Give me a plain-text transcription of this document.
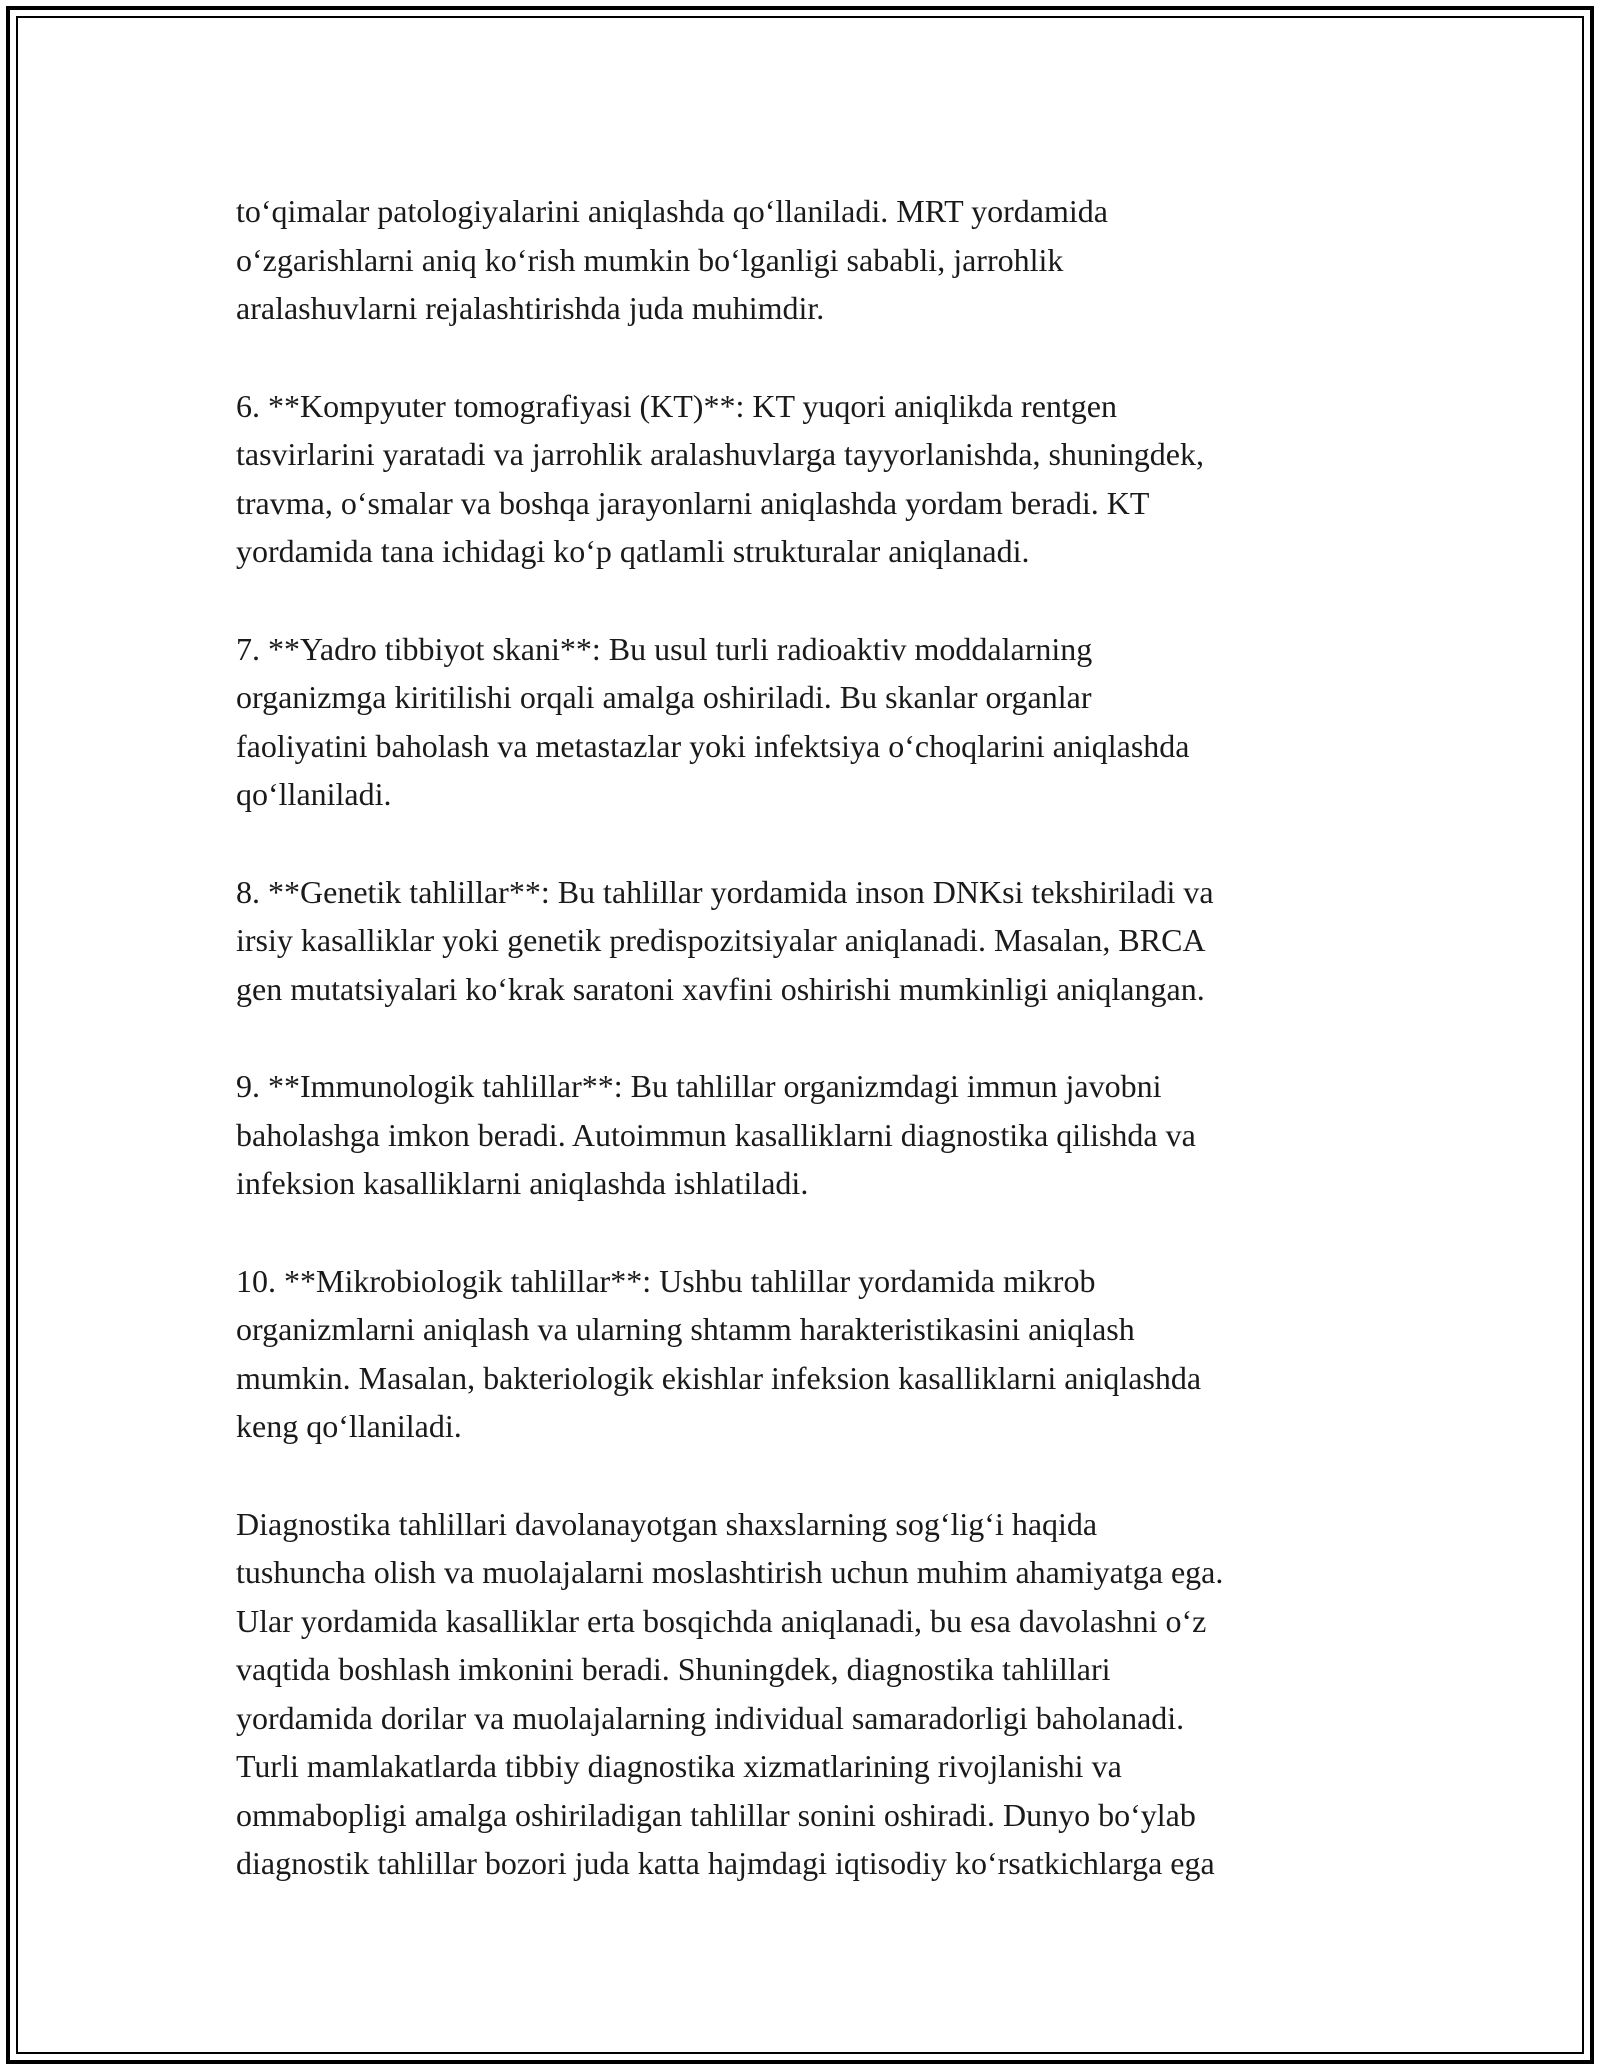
to‘qimalar patologiyalarini aniqlashda qo‘llaniladi. MRT yordamida
o‘zgarishlarni aniq ko‘rish mumkin bo‘lganligi sababli, jarrohlik
aralashuvlarni rejalashtirishda juda muhimdir.

6. **Kompyuter tomografiyasi (KT)**: KT yuqori aniqlikda rentgen
tasvirlarini yaratadi va jarrohlik aralashuvlarga tayyorlanishda, shuningdek,
travma, o‘smalar va boshqa jarayonlarni aniqlashda yordam beradi. KT
yordamida tana ichidagi ko‘p qatlamli strukturalar aniqlanadi.

7. **Yadro tibbiyot skani**: Bu usul turli radioaktiv moddalarning
organizmga kiritilishi orqali amalga oshiriladi. Bu skanlar organlar
faoliyatini baholash va metastazlar yoki infektsiya o‘choqlarini aniqlashda
qo‘llaniladi.

8. **Genetik tahlillar**: Bu tahlillar yordamida inson DNKsi tekshiriladi va
irsiy kasalliklar yoki genetik predispozitsiyalar aniqlanadi. Masalan, BRCA
gen mutatsiyalari ko‘krak saratoni xavfini oshirishi mumkinligi aniqlangan.

9. **Immunologik tahlillar**: Bu tahlillar organizmdagi immun javobni
baholashga imkon beradi. Autoimmun kasalliklarni diagnostika qilishda va
infeksion kasalliklarni aniqlashda ishlatiladi.

10. **Mikrobiologik tahlillar**: Ushbu tahlillar yordamida mikrob
organizmlarni aniqlash va ularning shtamm harakteristikasini aniqlash
mumkin. Masalan, bakteriologik ekishlar infeksion kasalliklarni aniqlashda
keng qo‘llaniladi.

Diagnostika tahlillari davolanayotgan shaxslarning sog‘lig‘i haqida
tushuncha olish va muolajalarni moslashtirish uchun muhim ahamiyatga ega.
Ular yordamida kasalliklar erta bosqichda aniqlanadi, bu esa davolashni o‘z
vaqtida boshlash imkonini beradi. Shuningdek, diagnostika tahlillari
yordamida dorilar va muolajalarning individual samaradorligi baholanadi.
Turli mamlakatlarda tibbiy diagnostika xizmatlarining rivojlanishi va
ommabopligi amalga oshiriladigan tahlillar sonini oshiradi. Dunyo bo‘ylab
diagnostik tahlillar bozori juda katta hajmdagi iqtisodiy ko‘rsatkichlarga ega
